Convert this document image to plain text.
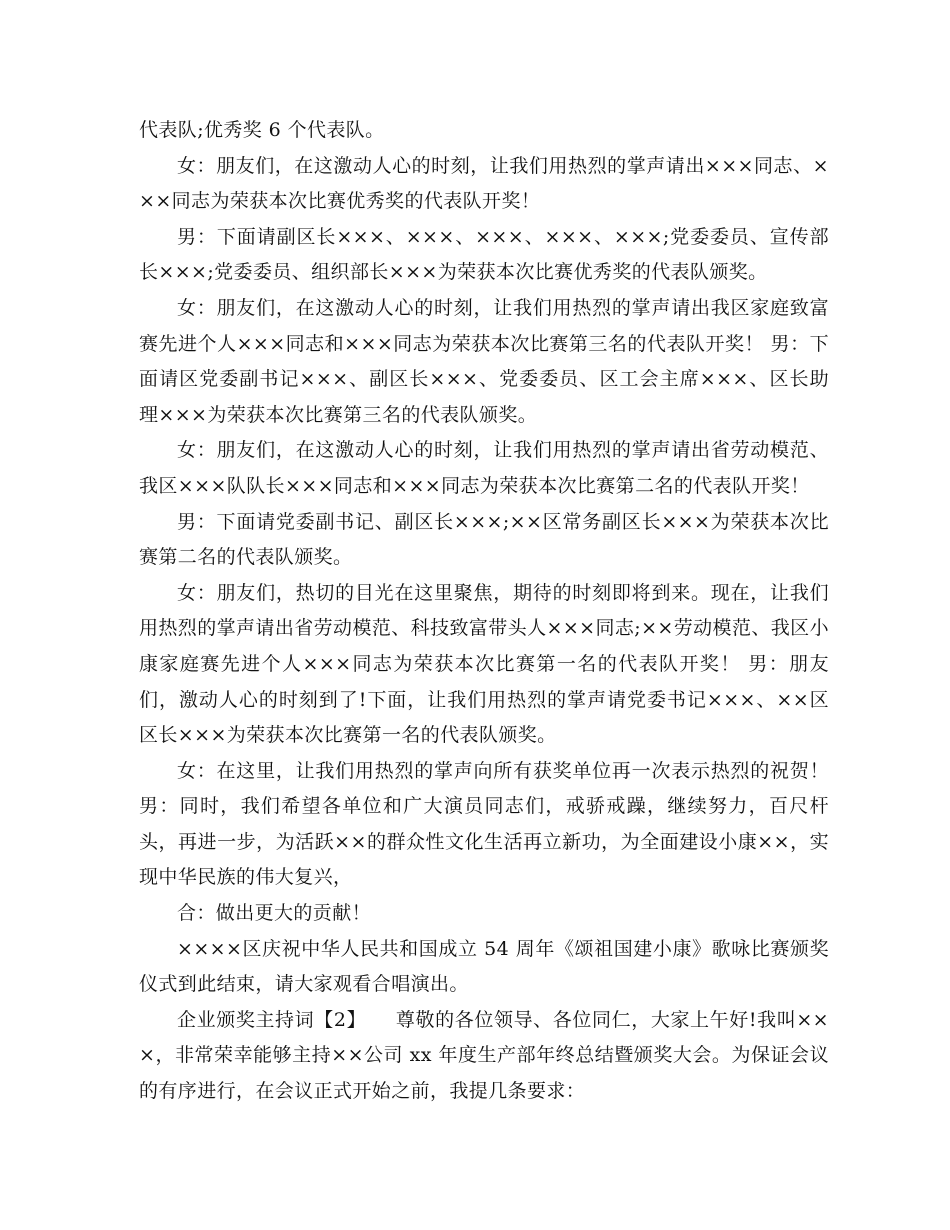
代表队;优秀奖 6 个代表队。

女：朋友们，在这激动人心的时刻，让我们用热烈的掌声请出×××同志、×××同志为荣获本次比赛优秀奖的代表队开奖！

男：下面请副区长×××、×××、×××、×××、×××;党委委员、宣传部长×××;党委委员、组织部长×××为荣获本次比赛优秀奖的代表队颁奖。

女：朋友们，在这激动人心的时刻，让我们用热烈的掌声请出我区家庭致富赛先进个人×××同志和×××同志为荣获本次比赛第三名的代表队开奖！ 男：下面请区党委副书记×××、副区长×××、党委委员、区工会主席×××、区长助理×××为荣获本次比赛第三名的代表队颁奖。

女：朋友们，在这激动人心的时刻，让我们用热烈的掌声请出省劳动模范、我区×××队队长×××同志和×××同志为荣获本次比赛第二名的代表队开奖！

男：下面请党委副书记、副区长×××;××区常务副区长×××为荣获本次比赛第二名的代表队颁奖。

女：朋友们，热切的目光在这里聚焦，期待的时刻即将到来。现在，让我们用热烈的掌声请出省劳动模范、科技致富带头人×××同志;××劳动模范、我区小康家庭赛先进个人×××同志为荣获本次比赛第一名的代表队开奖！ 男：朋友们，激动人心的时刻到了!下面，让我们用热烈的掌声请党委书记×××、××区区长×××为荣获本次比赛第一名的代表队颁奖。

女：在这里，让我们用热烈的掌声向所有获奖单位再一次表示热烈的祝贺！ 男：同时，我们希望各单位和广大演员同志们，戒骄戒躁，继续努力，百尺杆头，再进一步，为活跃××的群众性文化生活再立新功，为全面建设小康××，实现中华民族的伟大复兴，

合：做出更大的贡献！

××××区庆祝中华人民共和国成立 54 周年《颂祖国建小康》歌咏比赛颁奖仪式到此结束，请大家观看合唱演出。

企业颁奖主持词【2】　　尊敬的各位领导、各位同仁，大家上午好!我叫×××，非常荣幸能够主持××公司 xx 年度生产部年终总结暨颁奖大会。为保证会议的有序进行，在会议正式开始之前，我提几条要求：
